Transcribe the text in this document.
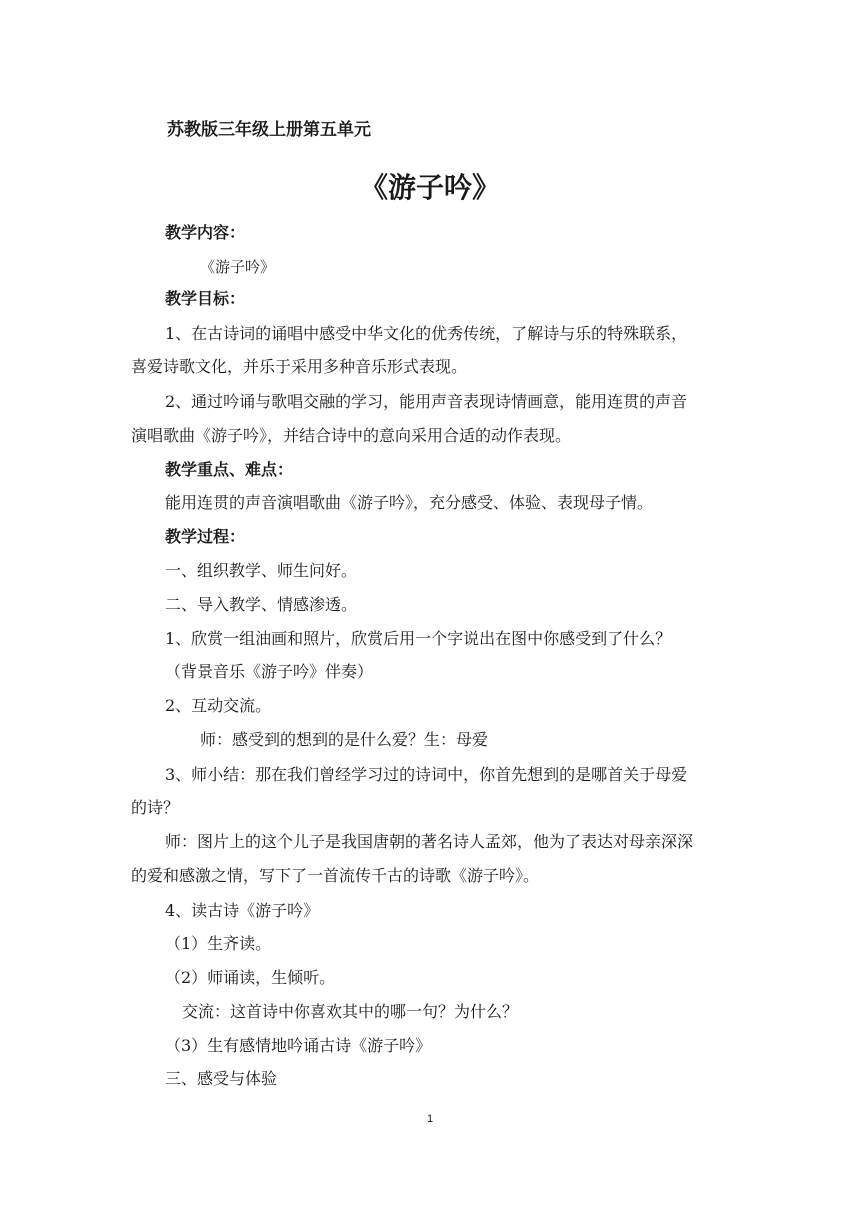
苏教版三年级上册第五单元
《游子吟》
教学内容：
《游子吟》
教学目标：
1、在古诗词的诵唱中感受中华文化的优秀传统，了解诗与乐的特殊联系，
喜爱诗歌文化，并乐于采用多种音乐形式表现。
2、通过吟诵与歌唱交融的学习，能用声音表现诗情画意，能用连贯的声音
演唱歌曲《游子吟》，并结合诗中的意向采用合适的动作表现。
教学重点、难点：
能用连贯的声音演唱歌曲《游子吟》，充分感受、体验、表现母子情。
教学过程：
一、组织教学、师生问好。
二、导入教学、情感渗透。
1、欣赏一组油画和照片，欣赏后用一个字说出在图中你感受到了什么？
（背景音乐《游子吟》伴奏）
2、互动交流。
师：感受到的想到的是什么爱？生：母爱
3、师小结：那在我们曾经学习过的诗词中，你首先想到的是哪首关于母爱
的诗？
师：图片上的这个儿子是我国唐朝的著名诗人孟郊，他为了表达对母亲深深
的爱和感激之情，写下了一首流传千古的诗歌《游子吟》。
4、读古诗《游子吟》
（1）生齐读。
（2）师诵读，生倾听。
交流：这首诗中你喜欢其中的哪一句？为什么？
（3）生有感情地吟诵古诗《游子吟》
三、感受与体验
1
